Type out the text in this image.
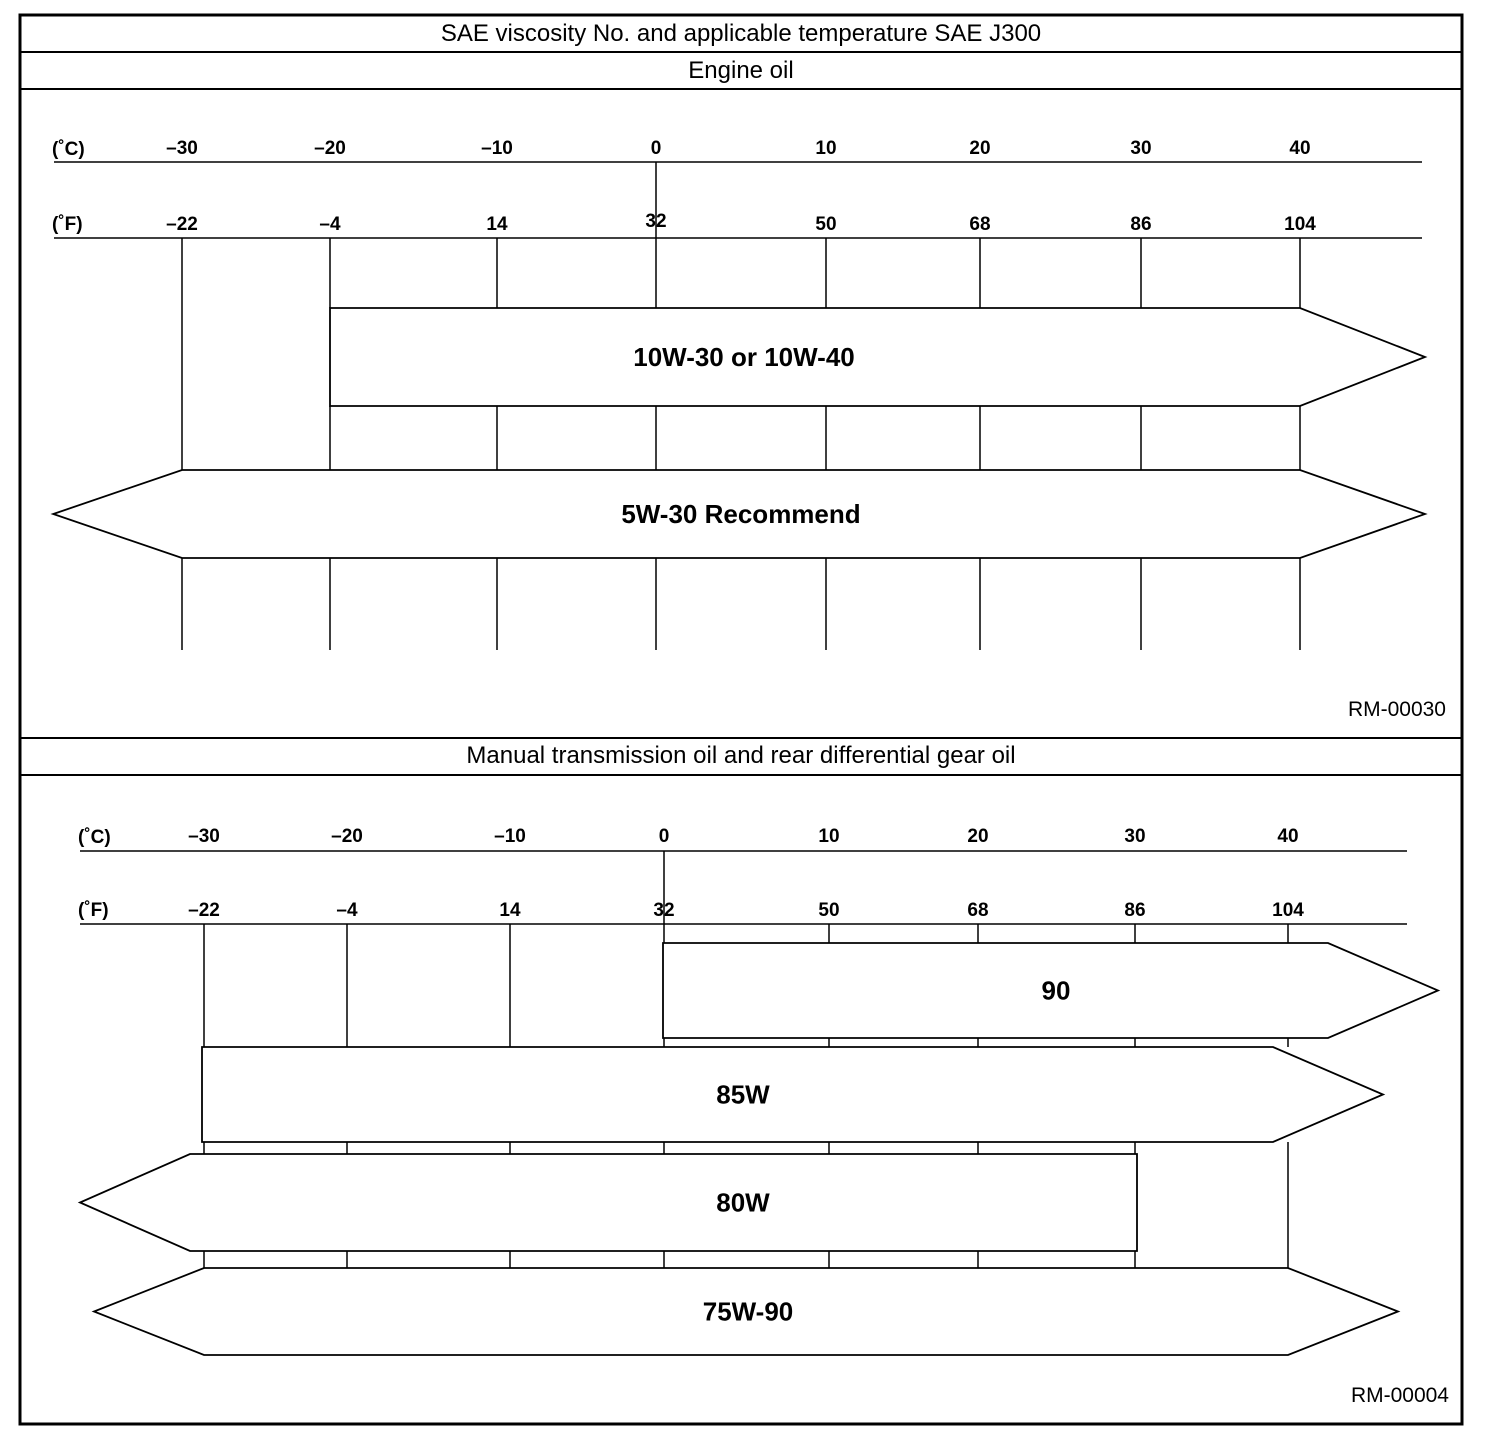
SAE viscosity No. and applicable temperature SAE J300
Engine oil
Manual transmission oil and rear differential gear oil
RM-00030
RM-00004
(˚C)
(˚F)
–30	–20	–10	0	10	20	30	40
–22	–4	14	32	50	68	86	104
10W-30 or 10W-40
5W-30 Recommend
(˚C)
(˚F)
–30	–20	–10	0	10	20	30	40
–22	–4	14	32	50	68	86	104
90
85W
80W
75W-90
